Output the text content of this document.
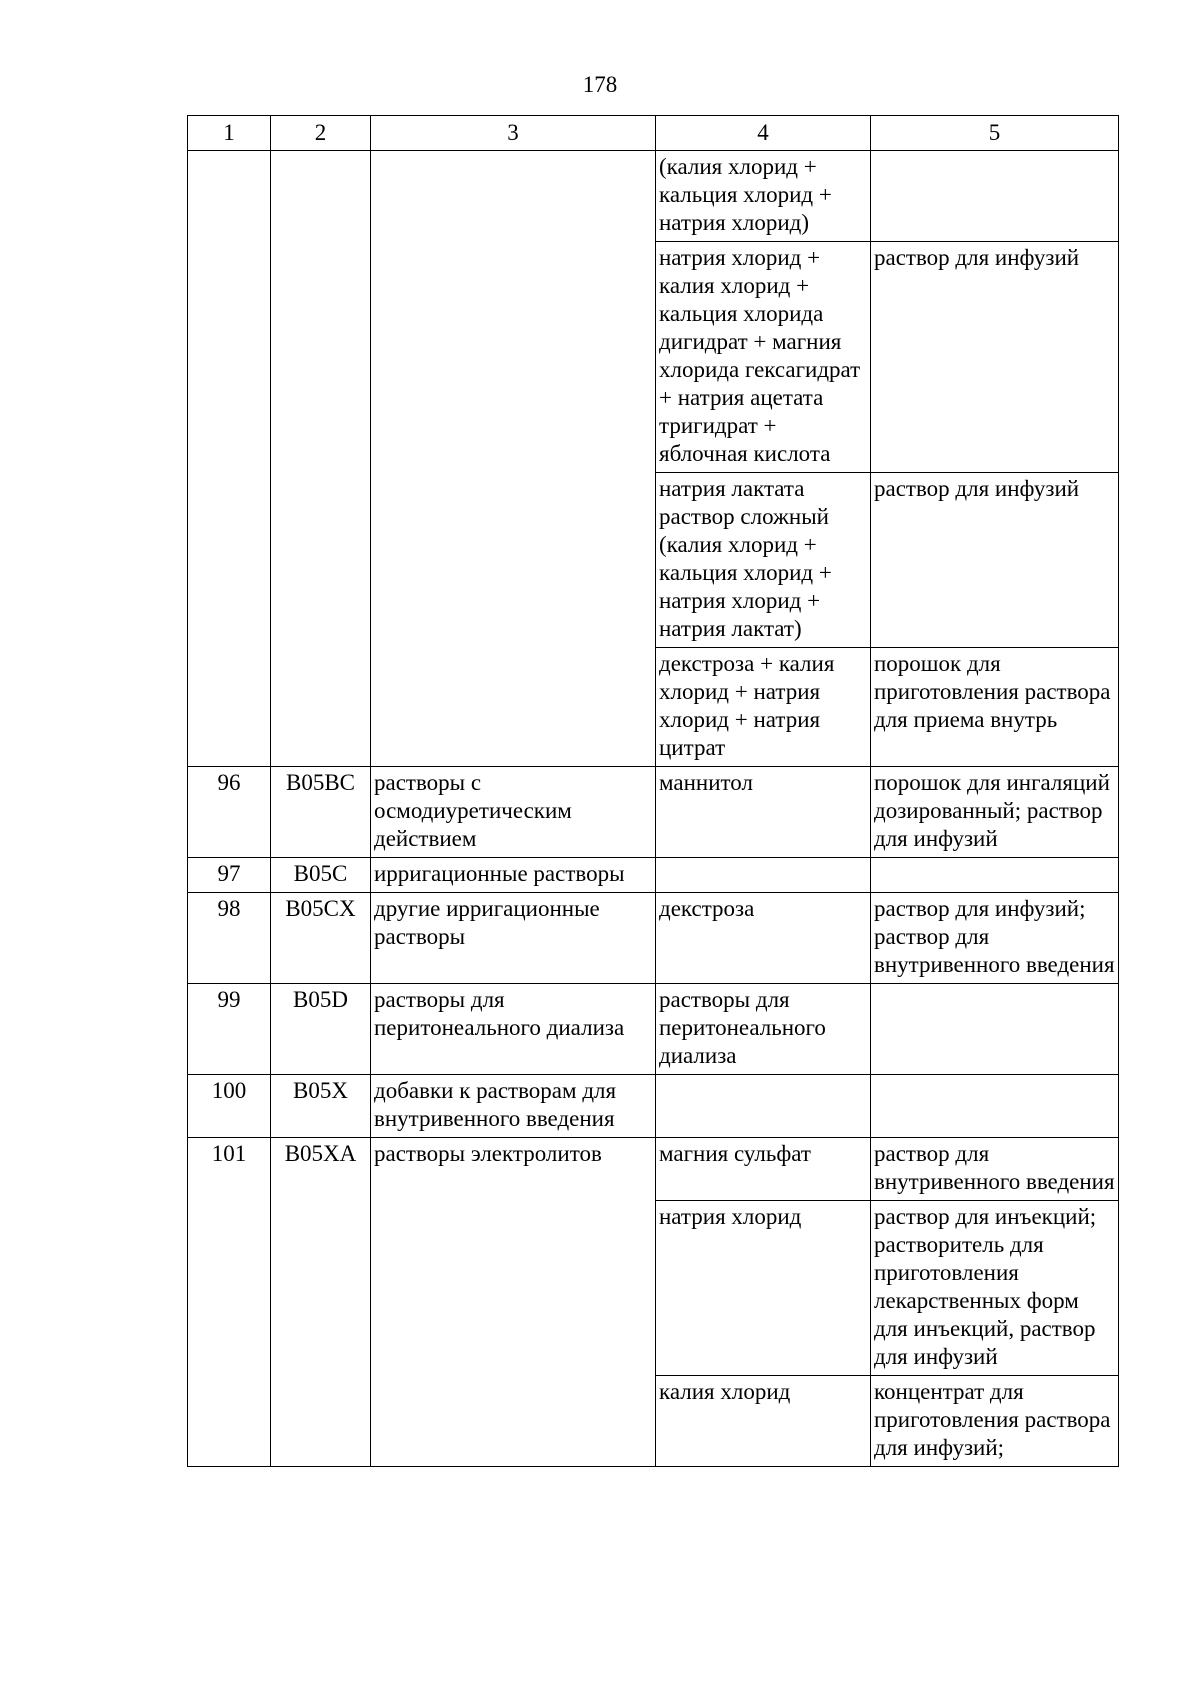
178
1	2	3	4	5
			(калия хлорид + кальция хлорид + натрия хлорид)	
			натрия хлорид + калия хлорид + кальция хлорида дигидрат + магния хлорида гексагидрат + натрия ацетата тригидрат + яблочная кислота	раствор для инфузий
			натрия лактата раствор сложный (калия хлорид + кальция хлорид + натрия хлорид + натрия лактат)	раствор для инфузий
			декстроза + калия хлорид + натрия хлорид + натрия цитрат	порошок для приготовления раствора для приема внутрь
96	B05BC	растворы с осмодиуретическим действием	маннитол	порошок для ингаляций дозированный; раствор для инфузий
97	B05C	ирригационные растворы		
98	B05CX	другие ирригационные растворы	декстроза	раствор для инфузий; раствор для внутривенного введения
99	B05D	растворы для перитонеального диализа	растворы для перитонеального диализа	
100	B05X	добавки к растворам для внутривенного введения		
101	B05XA	растворы электролитов	магния сульфат	раствор для внутривенного введения
			натрия хлорид	раствор для инъекций; растворитель для приготовления лекарственных форм для инъекций, раствор для инфузий
			калия хлорид	концентрат для приготовления раствора для инфузий;
